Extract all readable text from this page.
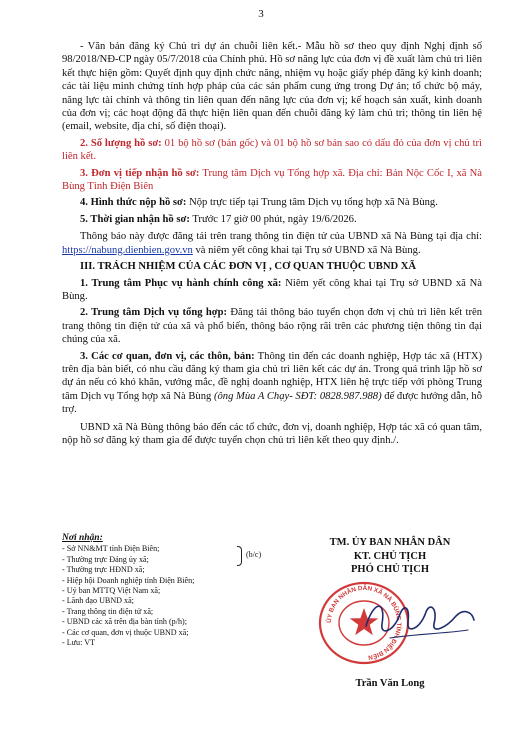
3

- Văn bản đăng ký Chủ trì dự án chuỗi liên kết.- Mẫu hồ sơ theo quy định Nghị định số 98/2018/NĐ-CP ngày 05/7/2018 của Chính phủ. Hồ sơ năng lực của đơn vị đề xuất làm chủ trì liên kết thực hiện gồm: Quyết định quy định chức năng, nhiệm vụ hoặc giấy phép đăng ký kinh doanh; các tài liệu minh chứng tính hợp pháp của các sản phẩm cung ứng trong Dự án; tổ chức bộ máy, năng lực tài chính và thông tin liên quan đến năng lực của đơn vị; kế hoạch sản xuất, kinh doanh của đơn vị; các hoạt động đã thực hiện liên quan đến chuỗi đăng ký làm chủ trì; thông tin liên hệ (email, website, địa chỉ, số điện thoại).

2. Số lượng hồ sơ: 01 bộ hồ sơ (bản gốc) và 01 bộ hồ sơ bản sao có dấu đỏ của đơn vị chủ trì liên kết.

3. Đơn vị tiếp nhận hồ sơ: Trung tâm Dịch vụ Tổng hợp xã. Địa chỉ: Bản Nộc Cốc I, xã Nà Bùng Tỉnh Điện Biên

4. Hình thức nộp hồ sơ: Nộp trực tiếp tại Trung tâm Dịch vụ tổng hợp xã Nà Bùng.

5. Thời gian nhận hồ sơ: Trước 17 giờ 00 phút, ngày 19/6/2026.

Thông báo này được đăng tải trên trang thông tin điện tử của UBND xã Nà Bùng tại địa chỉ: https://nabung.dienbien.gov.vn và niêm yết công khai tại Trụ sở UBND xã Nà Bùng.

III. TRÁCH NHIỆM CỦA CÁC ĐƠN VỊ , CƠ QUAN THUỘC UBND XÃ

1. Trung tâm Phục vụ hành chính công xã: Niêm yết công khai tại Trụ sở UBND xã Nà Bùng.

2. Trung tâm Dịch vụ tổng hợp: Đăng tải thông báo tuyển chọn đơn vị chủ trì liên kết trên trang thông tin điện tử của xã và phổ biến, thông báo rộng rãi trên các phương tiện thông tin đại chúng của xã.

3. Các cơ quan, đơn vị, các thôn, bản: Thông tin đến các doanh nghiệp, Hợp tác xã (HTX) trên địa bàn biết, có nhu cầu đăng ký tham gia chủ trì liên kết các dự án. Trong quá trình lập hồ sơ dự án nếu có khó khăn, vướng mắc, đề nghị doanh nghiệp, HTX liên hệ trực tiếp với phòng Trung tâm Dịch vụ Tổng hợp xã Nà Bùng (ông Mùa A Chạy- SĐT: 0828.987.988) để được hướng dẫn, hỗ trợ.

UBND xã Nà Bùng thông báo đến các tổ chức, đơn vị, doanh nghiệp, Hợp tác xã có quan tâm, nộp hồ sơ đăng ký tham gia để được tuyển chọn chủ trì liên kết theo quy định./.

Nơi nhận:
- Sở NN&MT tỉnh Điện Biên;
- Thường trực Đảng ủy xã;
- Thường trực HĐND xã;
- Hiệp hội Doanh nghiệp tỉnh Điện Biên;
- Uỷ ban MTTQ Việt Nam xã;
- Lãnh đạo UBND xã;
- Trang thông tin điện tử xã;
- UBND các xã trên địa bàn tỉnh (p/h);
- Các cơ quan, đơn vị thuộc UBND xã;
- Lưu: VT
(b/c)
TM. ỦY BAN NHÂN DÂN
KT. CHỦ TỊCH
PHÓ CHỦ TỊCH
ỦY BAN NHÂN DÂN XÃ NÀ BÙNG TỈNH ĐIỆN BIÊN
Trần Văn Long
